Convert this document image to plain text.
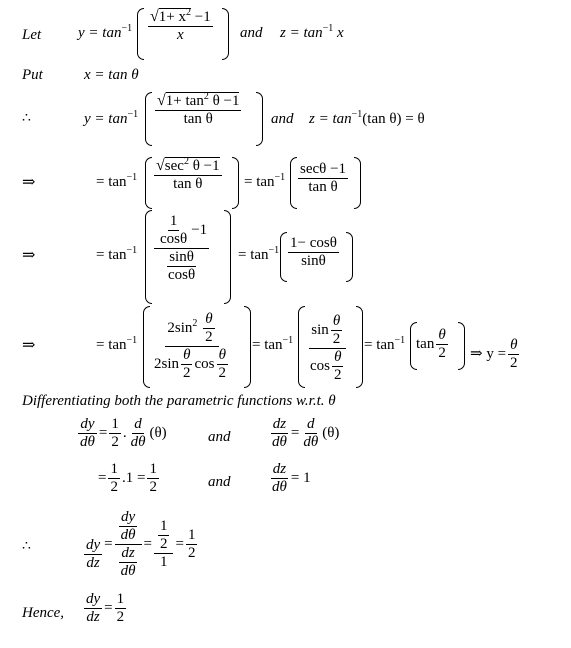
Let $y = \tan^{-1} \frac{√1+ x^2 -1}{x}$ and $z = \tan^{-1} x$
Put	x = tan θ
∴	$y = \tan^{-1} \frac{√1+ \tan^2 \theta -1}{\text{tan θ}}$ and $z = \tan^{-1}(\tan$ θ) = θ
⇒	= $\tan^{-1} \frac{√\sec^2 \theta -1}{\text{tan θ}} = \tan^{-1} \frac{\sec\theta -1}{\text{tan θ}}$
⇒	= $\tan^{-1} \frac{\frac{1}{\cos\theta} -1}{\frac{\sin\theta}{\cos\theta}} = \tan^{-1} \frac{1- \cos\theta}{\sin\theta}$
⇒	= $\tan^{-1} \frac{2\sin^2 \frac{\theta}{2}}{2\sin \frac{\theta}{2} \cos \frac{\theta}{2}} = \tan^{-1} \frac{\sin \frac{\theta}{2}}{\cos \frac{\theta}{2}} = \tan^{-1} \tan \frac{\theta}{2}$ ⇒ $y = \frac{\theta}{2}$
Differentiating both the parametric functions w.r.t. θ
$\frac{dy}{d\theta} = \frac{1}{2}$ . $\frac{d}{d\theta} (\theta)$	and	$\frac{dz}{d\theta} = \frac{d}{d\theta} (\theta)$
= $\frac{1}{2} .1 = \frac{1}{2}$	and	$\frac{dz}{d\theta} = 1$
∴	$\frac{dy}{dz} = \frac{\frac{dy}{d\theta}}{\frac{dz}{d\theta}} = \frac{\frac{1}{2}}{1} = \frac{1}{2}$
Hence, $\frac{dy}{dz} = \frac{1}{2}$
